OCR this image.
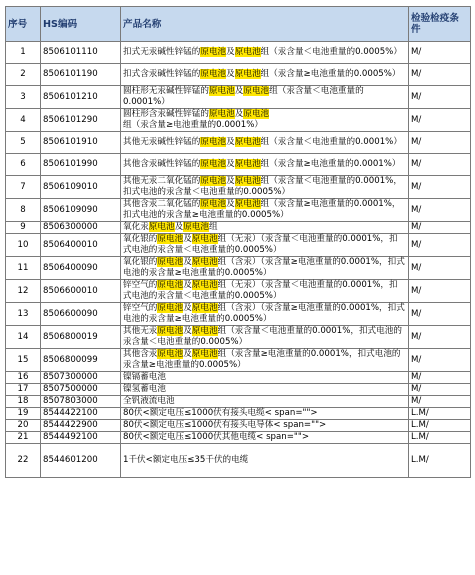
序号	HS编码	产品名称	检验检疫条件
1	8506101110	扣式无汞碱性锌锰的原电池及原电池组（汞含量＜电池重量的0.0005%）	M/
2	8506101190	扣式含汞碱性锌锰的原电池及原电池组（汞含量≥电池重量的0.0005%）	M/
3	8506101210	圆柱形无汞碱性锌锰的原电池及原电池组（汞含量＜电池重量的0.0001%）	M/
4	8506101290	圆柱形含汞碱性锌锰的原电池及原电池组（汞含量≥电池重量的0.0001%）	M/
5	8506101910	其他无汞碱性锌锰的原电池及原电池组（汞含量＜电池重量的0.0001%）	M/
6	8506101990	其他含汞碱性锌锰的原电池及原电池组（汞含量≥电池重量的0.0001%）	M/
7	8506109010	其他无汞二氧化锰的原电池及原电池组（汞含量＜电池重量的0.0001%，扣式电池的汞含量＜电池重量的0.0005%）	M/
8	8506109090	其他含汞二氧化锰的原电池及原电池组（汞含量≥电池重量的0.0001%，扣式电池的汞含量≥电池重量的0.0005%）	M/
9	8506300000	氧化汞原电池及原电池组	M/
10	8506400010	氧化银的原电池及原电池组（无汞）（汞含量＜电池重量的0.0001%，扣式电池的汞含量＜电池重量的0.0005%）	M/
11	8506400090	氧化银的原电池及原电池组（含汞）（汞含量≥电池重量的0.0001%，扣式电池的汞含量≥电池重量的0.0005%）	M/
12	8506600010	锌空气的原电池及原电池组（无汞）（汞含量＜电池重量的0.0001%，扣式电池的汞含量＜电池重量的0.0005%）	M/
13	8506600090	锌空气的原电池及原电池组（含汞）（汞含量≥电池重量的0.0001%，扣式电池的汞含量≥电池重量的0.0005%）	M/
14	8506800019	其他无汞原电池及原电池组（汞含量＜电池重量的0.0001%，扣式电池的汞含量＜电池重量的0.0005%）	M/
15	8506800099	其他含汞原电池及原电池组（汞含量≥电池重量的0.0001%，扣式电池的汞含量≥电池重量的0.0005%）	M/
16	8507300000	镍镉蓄电池	M/
17	8507500000	镍氢蓄电池	M/
18	8507803000	全钒液流电池	M/
19	8544422100	80伏<额定电压≤1000伏有接头电缆< span="">	L.M/
20	8544422900	80伏<额定电压≤1000伏有接头电导体< span="">	L.M/
21	8544492100	80伏<额定电压≤1000伏其他电缆< span="">	L.M/
22	8544601200	1千伏<额定电压≤35千伏的电缆	L.M/
